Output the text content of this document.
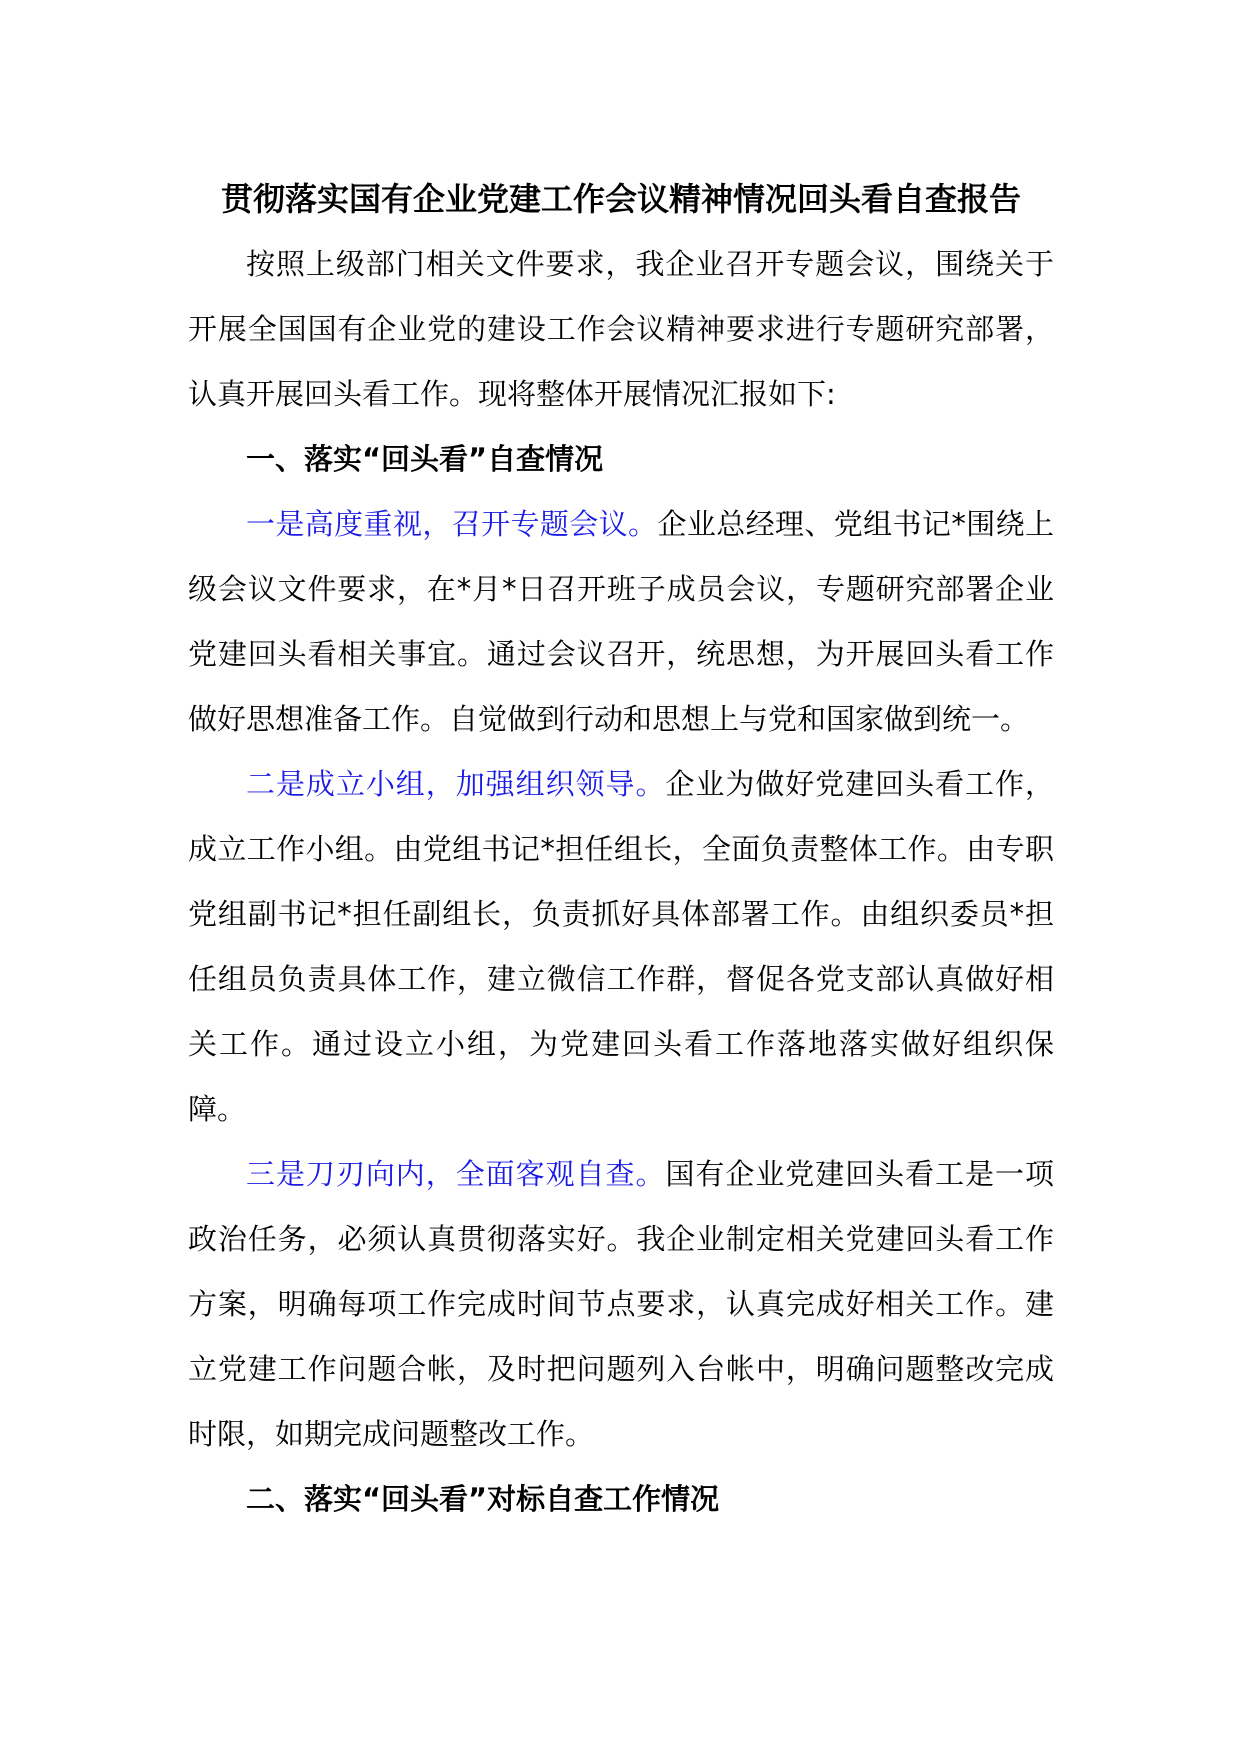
贯彻落实国有企业党建工作会议精神情况回头看自查报告

按照上级部门相关文件要求，我企业召开专题会议，围绕关于开展全国国有企业党的建设工作会议精神要求进行专题研究部署，认真开展回头看工作。现将整体开展情况汇报如下:

一、落实“回头看”自查情况

一是高度重视，召开专题会议。企业总经理、党组书记*围绕上级会议文件要求，在*月*日召开班子成员会议，专题研究部署企业党建回头看相关事宜。通过会议召开，统思想，为开展回头看工作做好思想准备工作。自觉做到行动和思想上与党和国家做到统一。

二是成立小组，加强组织领导。企业为做好党建回头看工作，成立工作小组。由党组书记*担任组长，全面负责整体工作。由专职党组副书记*担任副组长，负责抓好具体部署工作。由组织委员*担任组员负责具体工作，建立微信工作群，督促各党支部认真做好相关工作。通过设立小组，为党建回头看工作落地落实做好组织保障。

三是刀刃向内，全面客观自查。国有企业党建回头看工是一项政治任务，必须认真贯彻落实好。我企业制定相关党建回头看工作方案，明确每项工作完成时间节点要求，认真完成好相关工作。建立党建工作问题合帐，及时把问题列入台帐中，明确问题整改完成时限，如期完成问题整改工作。

二、落实“回头看”对标自查工作情况
